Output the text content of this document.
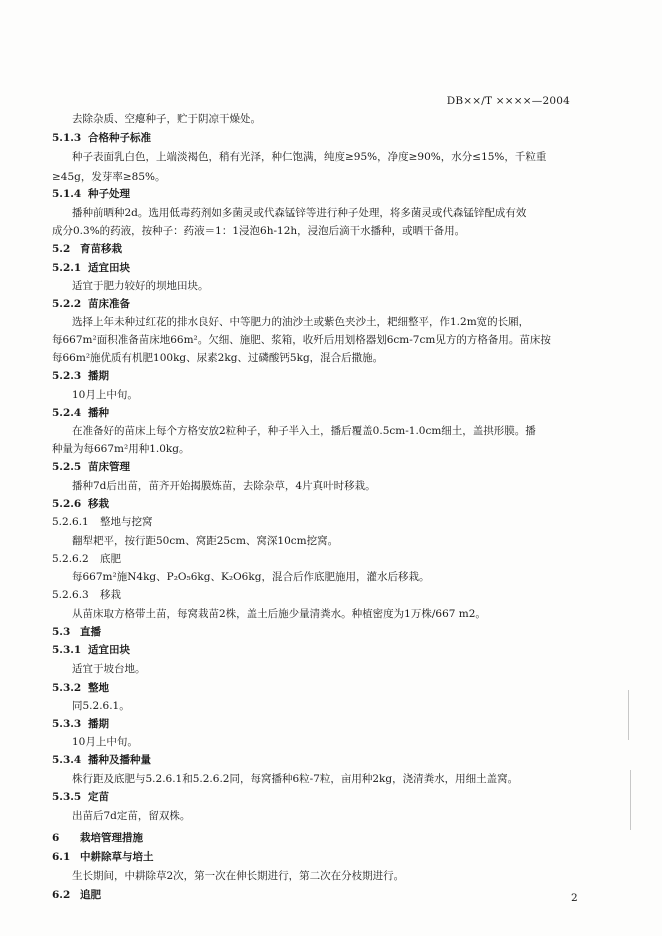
DB××/T ××××—2004
去除杂质、空瘪种子，贮于阴凉干燥处。
5.1.3 合格种子标准
种子表面乳白色，上端淡褐色，稍有光泽，种仁饱满，纯度≥95%，净度≥90%，水分≤15%，千粒重
≥45g，发芽率≥85%。
5.1.4 种子处理
播种前晒种2d。选用低毒药剂如多菌灵或代森锰锌等进行种子处理，将多菌灵或代森锰锌配成有效
成分0.3%的药液，按种子：药液＝1：1浸泡6h-12h，浸泡后滴干水播种，或晒干备用。
5.2 育苗移栽
5.2.1 适宜田块
适宜于肥力较好的坝地田块。
5.2.2 苗床准备
选择上年未种过红花的排水良好、中等肥力的油沙土或紫色夹沙土，耙细整平，作1.2m宽的长厢，
每667m²面积准备苗床地66m²。欠细、施肥、浆箱，收歼后用划格器划6cm-7cm见方的方格备用。苗床按
每66m²施优质有机肥100kg、尿素2kg、过磷酸钙5kg，混合后撒施。
5.2.3 播期
10月上中旬。
5.2.4 播种
在准备好的苗床上每个方格安放2粒种子，种子半入土，播后覆盖0.5cm-1.0cm细土，盖拱形膜。播
种量为每667m²用种1.0kg。
5.2.5 苗床管理
播种7d后出苗，苗齐开始揭膜炼苗，去除杂草，4片真叶时移栽。
5.2.6 移栽
5.2.6.1 整地与挖窝
翻犁耙平，按行距50cm、窝距25cm、窝深10cm挖窝。
5.2.6.2 底肥
每667m²施N4kg、P₂O₅6kg、K₂O6kg，混合后作底肥施用，灌水后移栽。
5.2.6.3 移栽
从苗床取方格带土苗，每窝栽苗2株，盖土后施少量清粪水。种植密度为1万株/667 m2。
5.3 直播
5.3.1 适宜田块
适宜于坡台地。
5.3.2 整地
同5.2.6.1。
5.3.3 播期
10月上中旬。
5.3.4 播种及播种量
株行距及底肥与5.2.6.1和5.2.6.2同，每窝播种6粒-7粒，亩用种2kg，浇清粪水，用细土盖窝。
5.3.5 定苗
出苗后7d定苗，留双株。
6 栽培管理措施
6.1 中耕除草与培土
生长期间，中耕除草2次，第一次在伸长期进行，第二次在分枝期进行。
6.2 追肥	2
